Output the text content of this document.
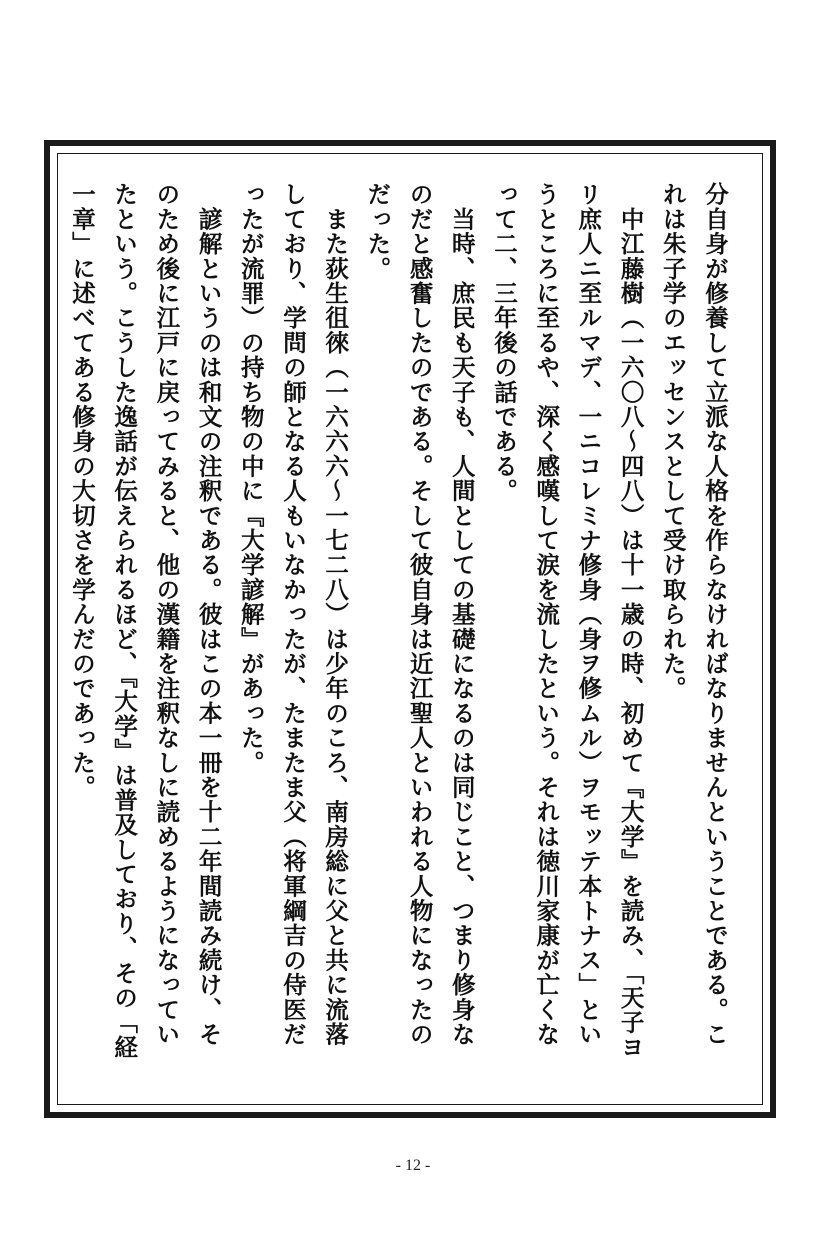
分自身が修養して立派な人格を作らなければなりませんということである。これは朱子学のエッセンスとして受け取られた。

　中江藤樹（一六〇八～四八）は十一歳の時、初めて『大学』を読み、「天子ヨリ庶人ニ至ルマデ、一ニコレミナ修身（身ヲ修ムル）ヲモッテ本トナス」というところに至るや、深く感嘆して涙を流したという。それは徳川家康が亡くなって二、三年後の話である。

　当時、庶民も天子も、人間としての基礎になるのは同じこと、つまり修身なのだと感奮したのである。そして彼自身は近江聖人といわれる人物になったのだった。

　また荻生徂徠（一六六六～一七二八）は少年のころ、南房総に父と共に流落しており、学問の師となる人もいなかったが、たまたま父（将軍綱吉の侍医だったが流罪）の持ち物の中に『大学諺解』があった。

　諺解というのは和文の注釈である。彼はこの本一冊を十二年間読み続け、そのため後に江戸に戻ってみると、他の漢籍を注釈なしに読めるようになっていたという。こうした逸話が伝えられるほど、『大学』は普及しており、その「経一章」に述べてある修身の大切さを学んだのであった。

- 12 -
